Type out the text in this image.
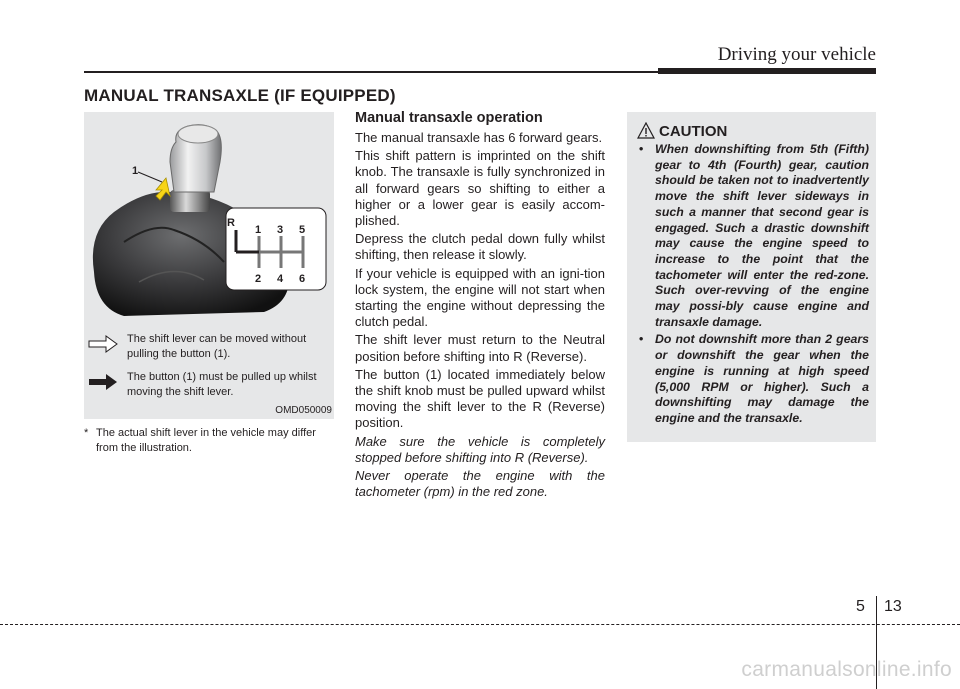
Driving your vehicle
MANUAL TRANSAXLE (IF EQUIPPED)
1
R
1 3 5
2 4 6
The shift lever can be moved without pulling the button (1).
The button (1) must be pulled up whilst moving the shift lever.
OMD050009
* The actual shift lever in the vehicle may differ from the illustration.
Manual transaxle operation

The manual transaxle has 6 forward gears.

This shift pattern is imprinted on the shift knob. The transaxle is fully synchronized in all forward gears so shifting to either a higher or a lower gear is easily accom-plished.

Depress the clutch pedal down fully whilst shifting, then release it slowly.

If your vehicle is equipped with an igni-tion lock system, the engine will not start when starting the engine without depressing the clutch pedal.

The shift lever must return to the Neutral position before shifting into R (Reverse).

The button (1) located immediately below the shift knob must be pulled upward whilst moving the shift lever to the R (Reverse) position.

Make sure the vehicle is completely stopped before shifting into R (Reverse).

Never operate the engine with the tachometer (rpm) in the red zone.

CAUTION
• When downshifting from 5th (Fifth) gear to 4th (Fourth) gear, caution should be taken not to inadvertently move the shift lever sideways in such a manner that second gear is engaged. Such a drastic downshift may cause the engine speed to increase to the point that the tachometer will enter the red-zone. Such over-revving of the engine may possi-bly cause engine and transaxle damage.
• Do not downshift more than 2 gears or downshift the gear when the engine is running at high speed (5,000 RPM or higher). Such a downshifting may damage the engine and the transaxle.
5 13
carmanualsonline.info
